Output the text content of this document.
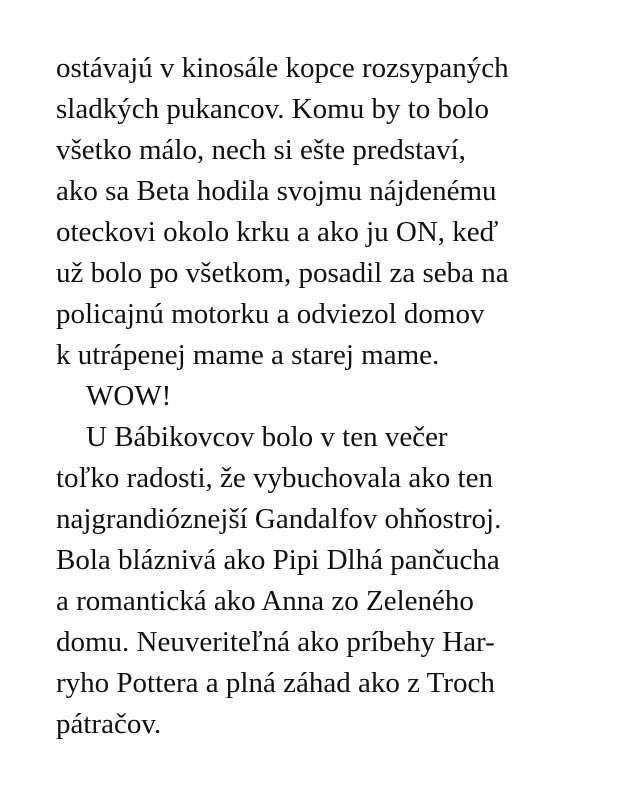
ostávajú v kinosále kopce rozsypaných
sladkých pukancov. Komu by to bolo
všetko málo, nech si ešte predstaví,
ako sa Beta hodila svojmu nájdenému
oteckovi okolo krku a ako ju ON, keď
už bolo po všetkom, posadil za seba na
policajnú motorku a odviezol domov
k utrápenej mame a starej mame.
WOW!
U Bábikovcov bolo v ten večer
toľko radosti, že vybuchovala ako ten
najgrandióznejší Gandalfov ohňostroj.
Bola bláznivá ako Pipi Dlhá pančucha
a romantická ako Anna zo Zeleného
domu. Neuveriteľná ako príbehy Har-
ryho Pottera a plná záhad ako z Troch
pátračov.
